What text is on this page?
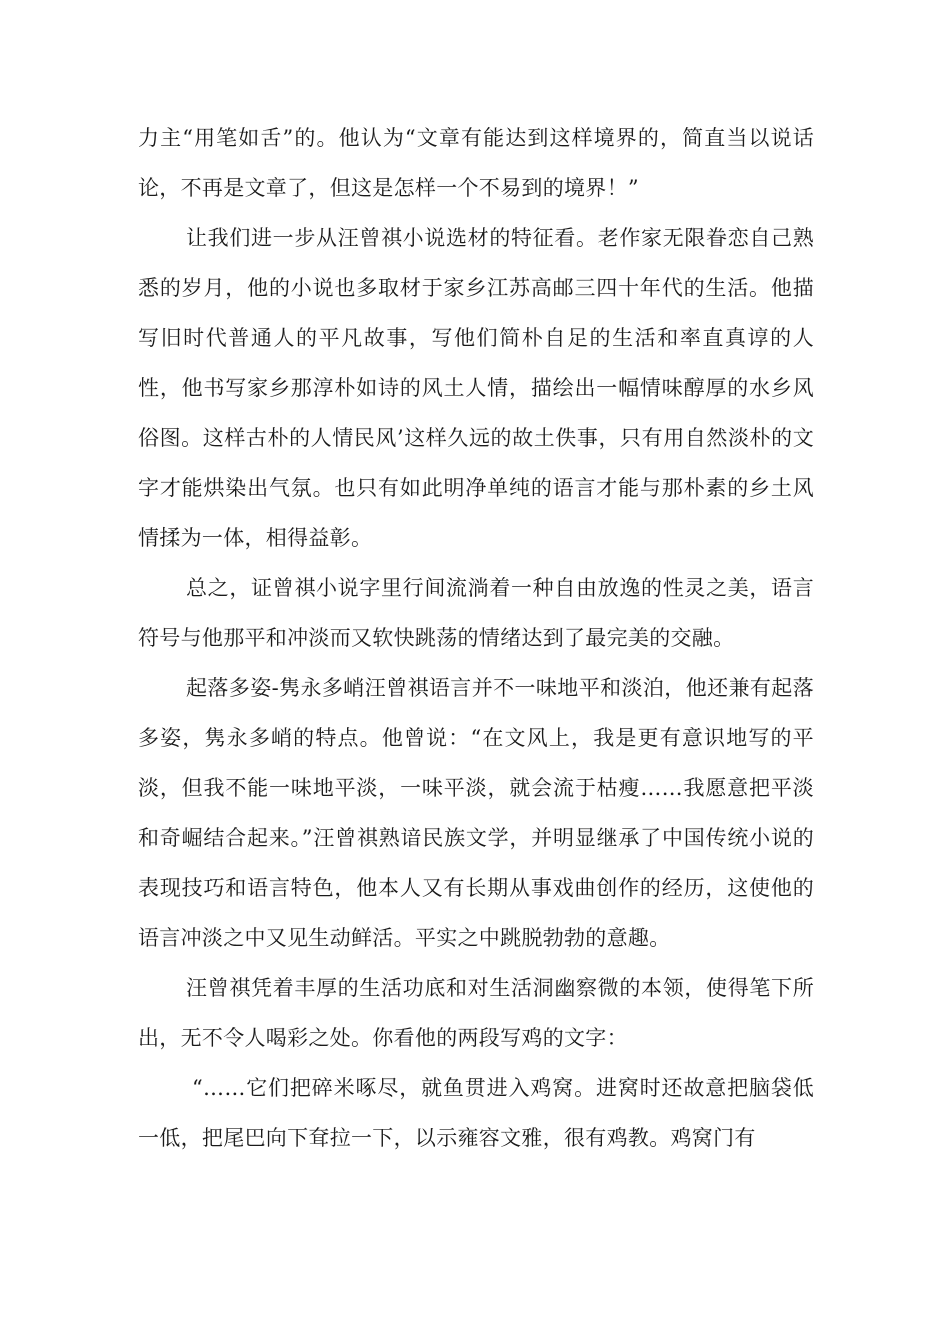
力主“用笔如舌”的。他认为“文章有能达到这样境界的，简直当以说话论，不再是文章了，但这是怎样一个不易到的境界！”

让我们进一步从汪曾祺小说选材的特征看。老作家无限眷恋自己熟悉的岁月，他的小说也多取材于家乡江苏高邮三四十年代的生活。他描写旧时代普通人的平凡故事，写他们简朴自足的生活和率直真谆的人性，他书写家乡那淳朴如诗的风土人情，描绘出一幅情味醇厚的水乡风俗图。这样古朴的人情民风’这样久远的故土佚事，只有用自然淡朴的文字才能烘染出气氛。也只有如此明净单纯的语言才能与那朴素的乡土风情揉为一体，相得益彰。

总之，证曾祺小说字里行间流淌着一种自由放逸的性灵之美，语言符号与他那平和冲淡而又软快跳荡的情绪达到了最完美的交融。

起落多姿-隽永多峭汪曾祺语言并不一味地平和淡泊，他还兼有起落多姿，隽永多峭的特点。他曾说：“在文风上，我是更有意识地写的平淡，但我不能一味地平淡，一味平淡，就会流于枯瘦……我愿意把平淡和奇崛结合起来。”汪曾祺熟谙民族文学，并明显继承了中国传统小说的表现技巧和语言特色，他本人又有长期从事戏曲创作的经历，这使他的语言冲淡之中又见生动鲜活。平实之中跳脱勃勃的意趣。

汪曾祺凭着丰厚的生活功底和对生活洞幽察微的本领，使得笔下所出，无不令人喝彩之处。你看他的两段写鸡的文字：

“……它们把碎米啄尽，就鱼贯进入鸡窝。进窝时还故意把脑袋低一低，把尾巴向下耷拉一下，以示雍容文雅，很有鸡教。鸡窝门有
